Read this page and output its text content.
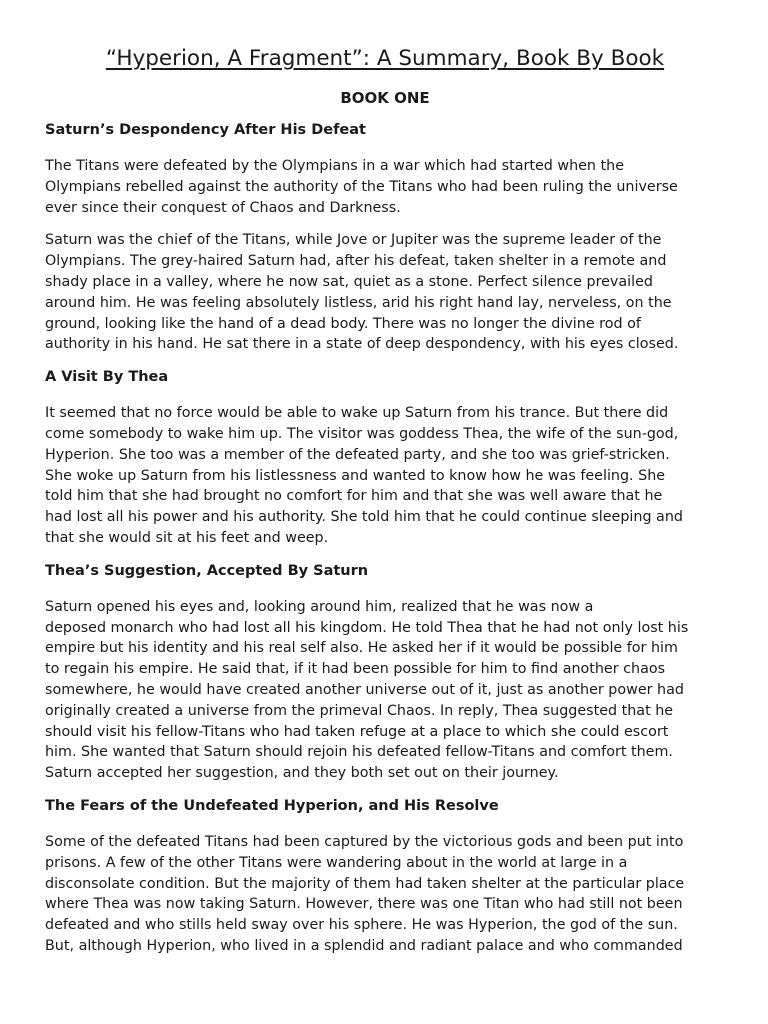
“Hyperion, A Fragment”: A Summary, Book By Book
BOOK ONE
Saturn’s Despondency After His Defeat

The Titans were defeated by the Olympians in a war which had started when the
Olympians rebelled against the authority of the Titans who had been ruling the universe
ever since their conquest of Chaos and Darkness.

Saturn was the chief of the Titans, while Jove or Jupiter was the supreme leader of the
Olympians. The grey-haired Saturn had, after his defeat, taken shelter in a remote and
shady place in a valley, where he now sat, quiet as a stone. Perfect silence prevailed
around him. He was feeling absolutely listless, arid his right hand lay, nerveless, on the
ground, looking like the hand of a dead body. There was no longer the divine rod of
authority in his hand. He sat there in a state of deep despondency, with his eyes closed.

A Visit By Thea

It seemed that no force would be able to wake up Saturn from his trance. But there did
come somebody to wake him up. The visitor was goddess Thea, the wife of the sun-god,
Hyperion. She too was a member of the defeated party, and she too was grief-stricken.
She woke up Saturn from his listlessness and wanted to know how he was feeling. She
told him that she had brought no comfort for him and that she was well aware that he
had lost all his power and his authority. She told him that he could continue sleeping and
that she would sit at his feet and weep.

Thea’s Suggestion, Accepted By Saturn

Saturn opened his eyes and, looking around him, realized that he was now a
deposed monarch who had lost all his kingdom. He told Thea that he had not only lost his
empire but his identity and his real self also. He asked her if it would be possible for him
to regain his empire. He said that, if it had been possible for him to find another chaos
somewhere, he would have created another universe out of it, just as another power had
originally created a universe from the primeval Chaos. In reply, Thea suggested that he
should visit his fellow-Titans who had taken refuge at a place to which she could escort
him. She wanted that Saturn should rejoin his defeated fellow-Titans and comfort them.
Saturn accepted her suggestion, and they both set out on their journey.

The Fears of the Undefeated Hyperion, and His Resolve

Some of the defeated Titans had been captured by the victorious gods and been put into
prisons. A few of the other Titans were wandering about in the world at large in a
disconsolate condition. But the majority of them had taken shelter at the particular place
where Thea was now taking Saturn. However, there was one Titan who had still not been
defeated and who stills held sway over his sphere. He was Hyperion, the god of the sun.
But, although Hyperion, who lived in a splendid and radiant palace and who commanded
